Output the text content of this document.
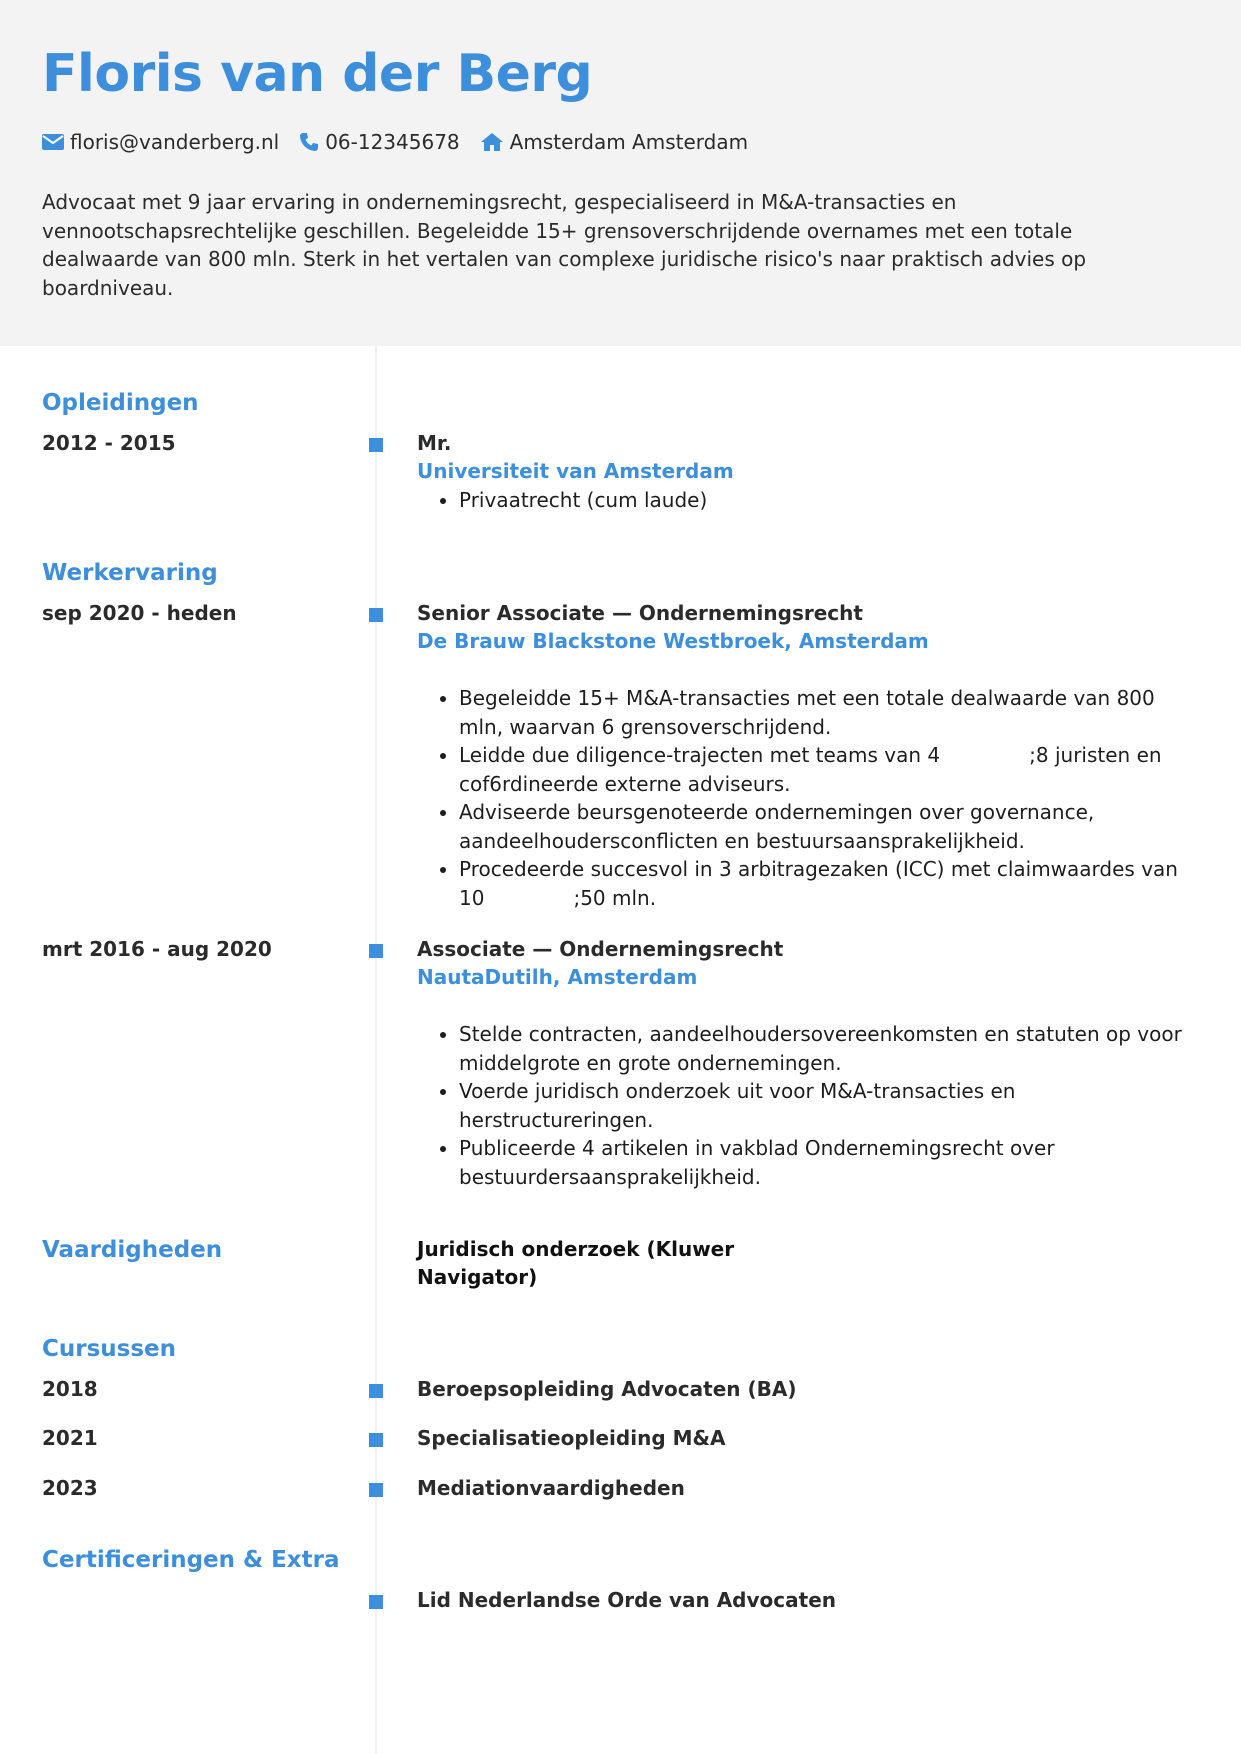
Floris van der Berg
floris@vanderberg.nl 06-12345678	Amsterdam Amsterdam

Advocaat met 9 jaar ervaring in ondernemingsrecht, gespecialiseerd in M&A-transacties en vennootschapsrechtelijke geschillen. Begeleidde 15+ grensoverschrijdende overnames met een totale dealwaarde van 800 mln. Sterk in het vertalen van complexe juridische risico's naar praktisch advies op boardniveau.

Opleidingen
2012 - 2015	Mr.
Universiteit van Amsterdam
• Privaatrecht (cum laude)
Werkervaring
sep 2020 - heden	Senior Associate — Ondernemingsrecht
De Brauw Blackstone Westbroek, Amsterdam
• Begeleidde 15+ M&A-transacties met een totale dealwaarde van 800 mln, waarvan 6 grensoverschrijdend.
• Leidde due diligence-trajecten met teams van 4              ;8 juristen en cof6rdineerde externe adviseurs.
• Adviseerde beursgenoteerde ondernemingen over governance, aandeelhoudersconflicten en bestuursaansprakelijkheid.
• Procedeerde succesvol in 3 arbitragezaken (ICC) met claimwaardes van 10              ;50 mln.
mrt 2016 - aug 2020	Associate — Ondernemingsrecht
NautaDutilh, Amsterdam
• Stelde contracten, aandeelhoudersovereenkomsten en statuten op voor middelgrote en grote ondernemingen.
• Voerde juridisch onderzoek uit voor M&A-transacties en herstructureringen.
• Publiceerde 4 artikelen in vakblad Ondernemingsrecht over bestuurdersaansprakelijkheid.
Vaardigheden	Juridisch onderzoek (Kluwer Navigator)
Cursussen
2018	Beroepsopleiding Advocaten (BA)
2021	Specialisatieopleiding M&A
2023	Mediationvaardigheden
Certificeringen & Extra
Lid Nederlandse Orde van Advocaten
